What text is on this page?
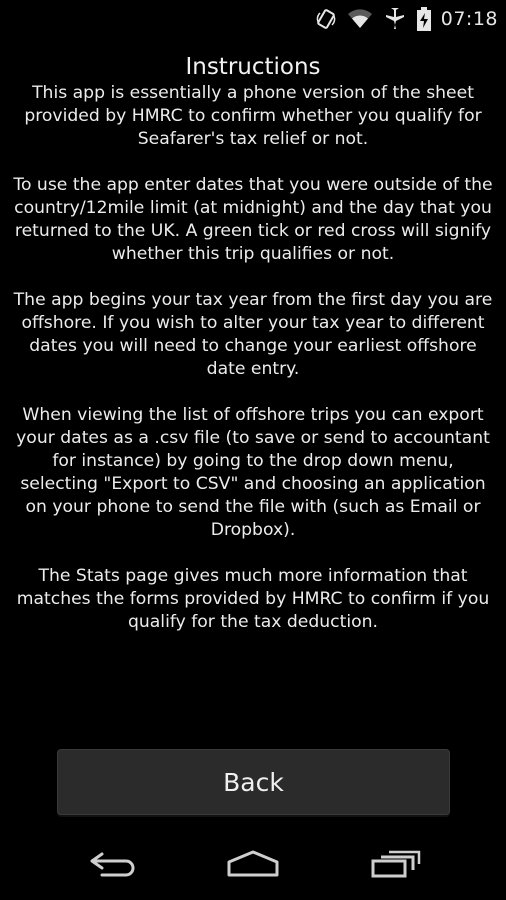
07:18
Instructions

This app is essentially a phone version of the sheet provided by HMRC to confirm whether you qualify for Seafarer's tax relief or not.

To use the app enter dates that you were outside of the country/12mile limit (at midnight) and the day that you returned to the UK. A green tick or red cross will signify whether this trip qualifies or not.

The app begins your tax year from the first day you are offshore. If you wish to alter your tax year to different dates you will need to change your earliest offshore date entry.

When viewing the list of offshore trips you can export your dates as a .csv file (to save or send to accountant for instance) by going to the drop down menu, selecting "Export to CSV" and choosing an application on your phone to send the file with (such as Email or Dropbox).

The Stats page gives much more information that matches the forms provided by HMRC to confirm if you qualify for the tax deduction.

Back
